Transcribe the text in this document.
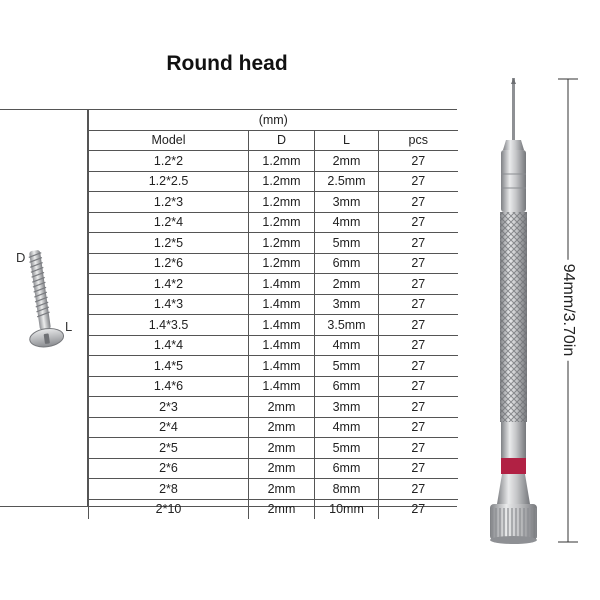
Round head
D
L
(mm)			
Model	D	L	pcs
1.2*2	1.2mm	2mm	27
1.2*2.5	1.2mm	2.5mm	27
1.2*3	1.2mm	3mm	27
1.2*4	1.2mm	4mm	27
1.2*5	1.2mm	5mm	27
1.2*6	1.2mm	6mm	27
1.4*2	1.4mm	2mm	27
1.4*3	1.4mm	3mm	27
1.4*3.5	1.4mm	3.5mm	27
1.4*4	1.4mm	4mm	27
1.4*5	1.4mm	5mm	27
1.4*6	1.4mm	6mm	27
2*3	2mm	3mm	27
2*4	2mm	4mm	27
2*5	2mm	5mm	27
2*6	2mm	6mm	27
2*8	2mm	8mm	27
2*10	2mm	10mm	27
94mm/3.70in
